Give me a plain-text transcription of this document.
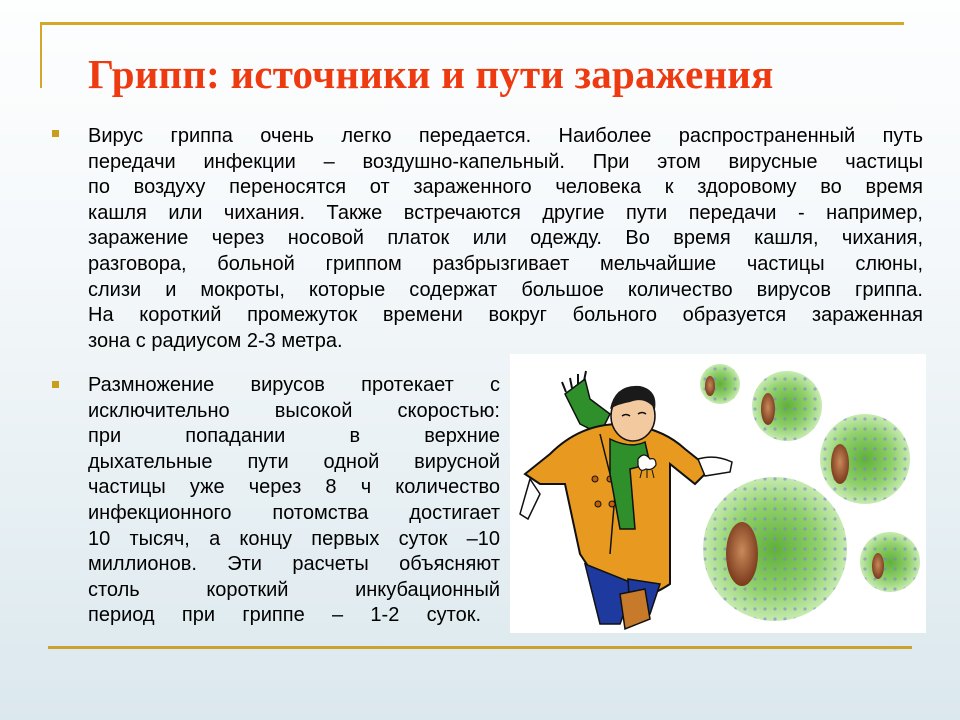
Грипп: источники и пути заражения
Вирус гриппа очень легко передается. Наиболее распространенный путь
передачи инфекции – воздушно-капельный. При этом вирусные частицы
по воздуху переносятся от зараженного человека к здоровому во время
кашля или чихания. Также встречаются другие пути передачи - например,
заражение через носовой платок или одежду. Во время кашля, чихания,
разговора, больной гриппом разбрызгивает мельчайшие частицы слюны,
слизи и мокроты, которые содержат большое количество вирусов гриппа.
На короткий промежуток времени вокруг больного образуется зараженная
зона с радиусом 2-3 метра.
Размножение вирусов протекает с
исключительно высокой скоростью:
при попадании в верхние
дыхательные пути одной вирусной
частицы уже через 8 ч количество
инфекционного потомства достигает
10 тысяч, а концу первых суток –10
миллионов. Эти расчеты объясняют
столь короткий инкубационный
период при гриппе – 1-2 суток.
